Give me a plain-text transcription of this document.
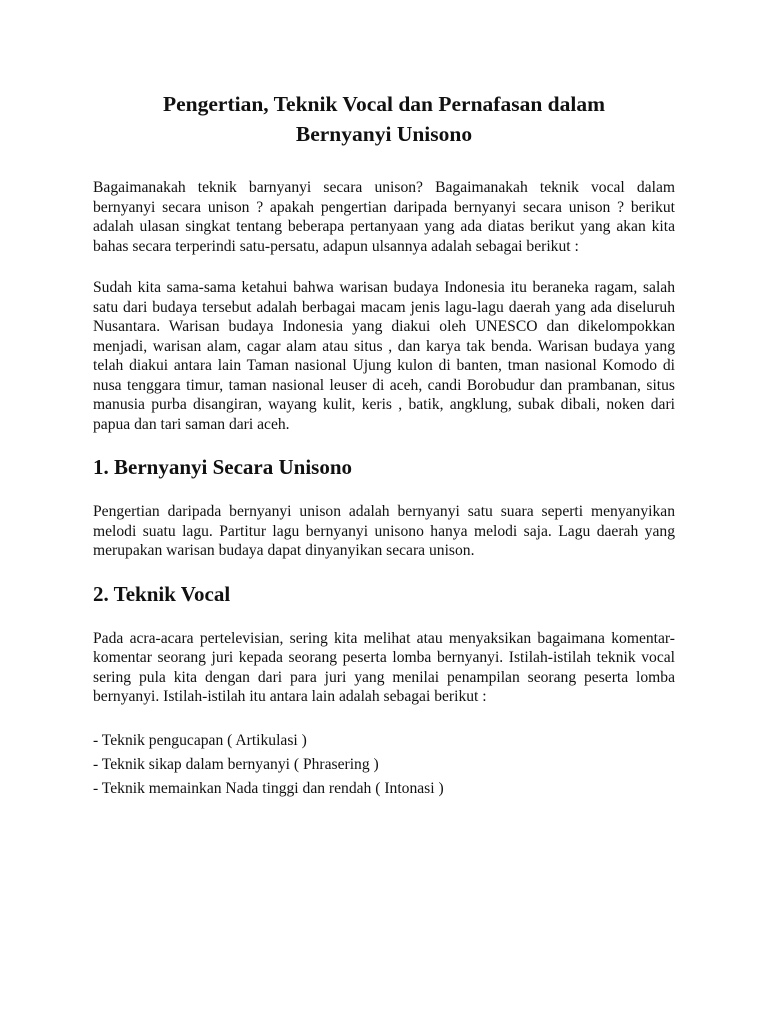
Pengertian, Teknik Vocal dan Pernafasan dalam
Bernyanyi Unisono

Bagaimanakah teknik barnyanyi secara unison? Bagaimanakah teknik vocal dalam bernyanyi secara unison ? apakah pengertian daripada bernyanyi secara unison ? berikut adalah ulasan singkat tentang beberapa pertanyaan yang ada diatas berikut yang akan kita bahas secara terperindi satu-persatu, adapun ulsannya adalah sebagai berikut :

Sudah kita sama-sama ketahui bahwa warisan budaya Indonesia itu beraneka ragam, salah satu dari budaya tersebut adalah berbagai macam jenis lagu-lagu daerah yang ada diseluruh Nusantara. Warisan budaya Indonesia yang diakui oleh UNESCO dan dikelompokkan menjadi, warisan alam, cagar alam atau situs , dan karya tak benda. Warisan budaya yang telah diakui antara lain Taman nasional Ujung kulon di banten, tman nasional Komodo di nusa tenggara timur, taman nasional leuser di aceh, candi Borobudur dan prambanan, situs manusia purba disangiran, wayang kulit, keris , batik, angklung, subak dibali, noken dari papua dan tari saman dari aceh.

1. Bernyanyi Secara Unisono

Pengertian daripada bernyanyi unison adalah bernyanyi satu suara seperti menyanyikan melodi suatu lagu. Partitur lagu bernyanyi unisono hanya melodi saja. Lagu daerah yang merupakan warisan budaya dapat dinyanyikan secara unison.

2. Teknik Vocal

Pada acra-acara pertelevisian, sering kita melihat atau menyaksikan bagaimana komentar-komentar seorang juri kepada seorang peserta lomba bernyanyi. Istilah-istilah teknik vocal sering pula kita dengan dari para juri yang menilai penampilan seorang peserta lomba bernyanyi. Istilah-istilah itu antara lain adalah sebagai berikut :

- Teknik pengucapan ( Artikulasi )
- Teknik sikap dalam bernyanyi ( Phrasering )
- Teknik memainkan Nada tinggi dan rendah ( Intonasi )
